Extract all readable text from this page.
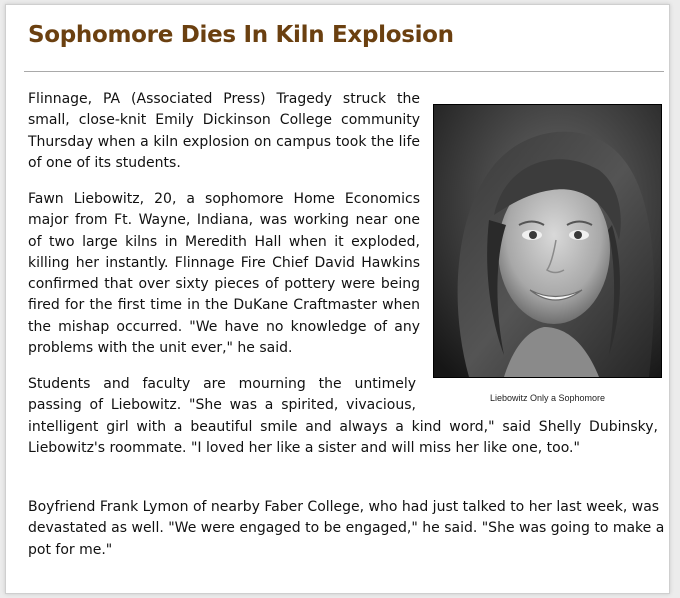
Sophomore Dies In Kiln Explosion

Flinnage, PA (Associated Press) Tragedy struck the small, close-knit Emily Dickinson College community Thursday when a kiln explosion on campus took the life of one of its students.

Fawn Liebowitz, 20, a sophomore Home Economics major from Ft. Wayne, Indiana, was working near one of two large kilns in Meredith Hall when it exploded, killing her instantly. Flinnage Fire Chief David Hawkins confirmed that over sixty pieces of pottery were being fired for the first time in the DuKane Craftmaster when the mishap occurred. "We have no knowledge of any problems with the unit ever," he said.

Liebowitz Only a Sophomore

Students and faculty are mourning the untimely passing of Liebowitz. "She was a spirited, vivacious, intelligent girl with a beautiful smile and always a kind word," said Shelly Dubinsky, Liebowitz's roommate. "I loved her like a sister and will miss her like one, too."

Boyfriend Frank Lymon of nearby Faber College, who had just talked to her last week, was devastated as well. "We were engaged to be engaged," he said. "She was going to make a pot for me."
